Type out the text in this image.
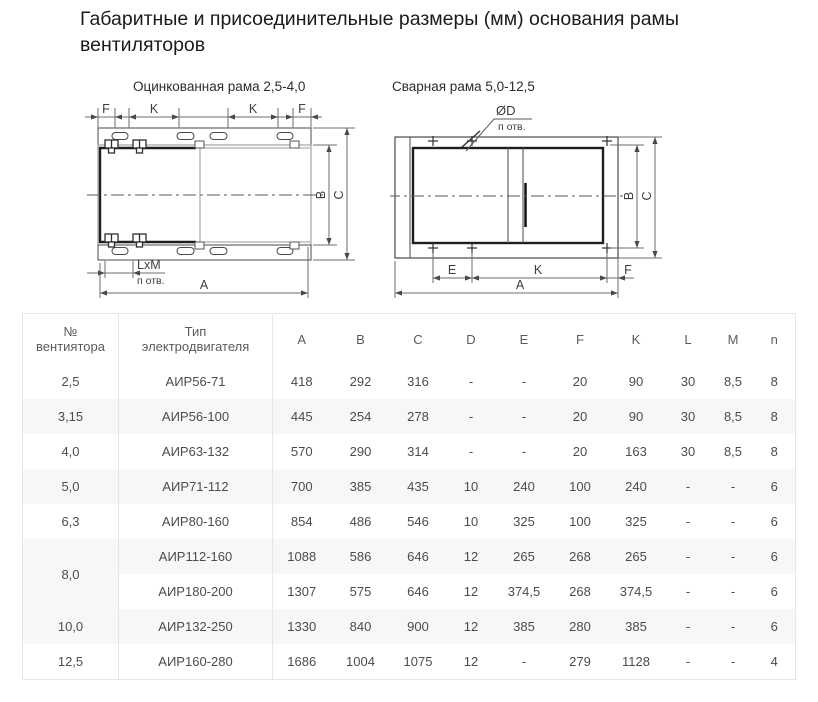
Габаритные и присоединительные размеры (мм) основания рамы вентиляторов
Оцинкованная рама 2,5-4,0	Сварная рама 5,0-12,5
F	K	K	F
LxM
п отв.	A
B C
ØD
п отв.
E	K	F
A
B C
№
вентиятора

Тип
электродвигателя	A	B	C	D	E	F	K	L	M	n
2,5	АИР56-71	418	292	316	-	-	20	90	30	8,5	8
3,15	АИР56-100	445	254	278	-	-	20	90	30	8,5	8
4,0	АИР63-132	570	290	314	-	-	20	163	30	8,5	8
5,0	АИР71-112	700	385	435	10	240	100	240	-	-	6
6,3	АИР80-160	854	486	546	10	325	100	325	-	-	6
8,0	АИР112-160	1088	586	646	12	265	268	265	-	-	6
	АИР180-200	1307	575	646	12	374,5	268	374,5	-	-	6
10,0	АИР132-250	1330	840	900	12	385	280	385	-	-	6
12,5	АИР160-280	1686	1004	1075	12	-	279	1128	-	-	4
